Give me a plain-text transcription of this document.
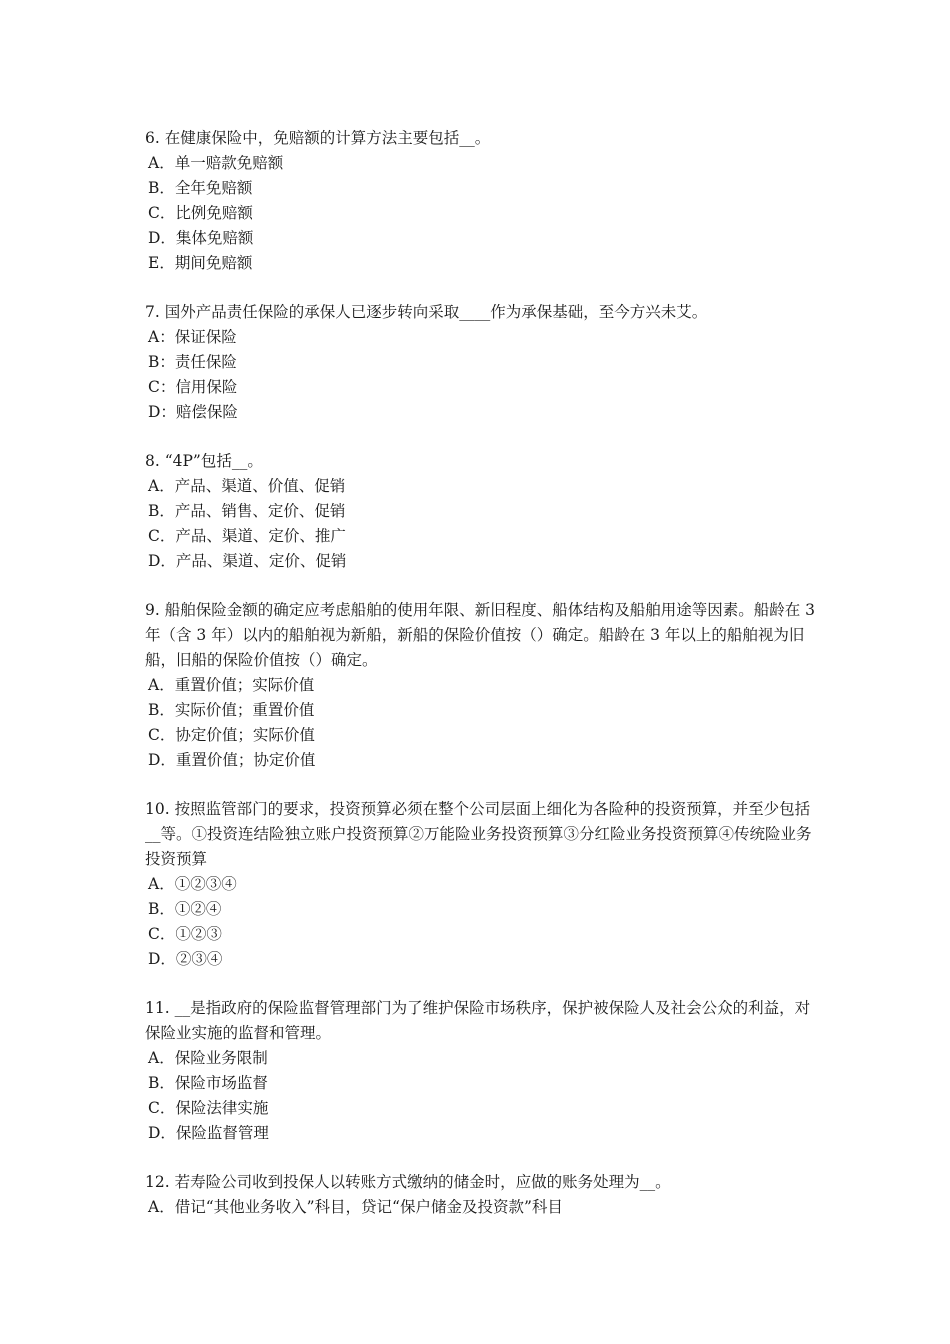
6. 在健康保险中，免赔额的计算方法主要包括__。

A．单一赔款免赔额
B．全年免赔额
C．比例免赔额
D．集体免赔额
E．期间免赔额

7. 国外产品责任保险的承保人已逐步转向采取____作为承保基础，至今方兴未艾。

A：保证保险
B：责任保险
C：信用保险
D：赔偿保险

8. “4P”包括__。

A．产品、渠道、价值、促销
B．产品、销售、定价、促销
C．产品、渠道、定价、推广
D．产品、渠道、定价、促销

9. 船舶保险金额的确定应考虑船舶的使用年限、新旧程度、船体结构及船舶用途等因素。船龄在 3 年（含 3 年）以内的船舶视为新船，新船的保险价值按（）确定。船龄在 3 年以上的船舶视为旧船，旧船的保险价值按（）确定。

A．重置价值；实际价值
B．实际价值；重置价值
C．协定价值；实际价值
D．重置价值；协定价值

10. 按照监管部门的要求，投资预算必须在整个公司层面上细化为各险种的投资预算，并至少包括__等。①投资连结险独立账户投资预算②万能险业务投资预算③分红险业务投资预算④传统险业务投资预算

A．①②③④
B．①②④
C．①②③
D．②③④

11. __是指政府的保险监督管理部门为了维护保险市场秩序，保护被保险人及社会公众的利益，对保险业实施的监督和管理。

A．保险业务限制
B．保险市场监督
C．保险法律实施
D．保险监督管理

12. 若寿险公司收到投保人以转账方式缴纳的储金时，应做的账务处理为__。

A．借记“其他业务收入”科目，贷记“保户储金及投资款”科目
